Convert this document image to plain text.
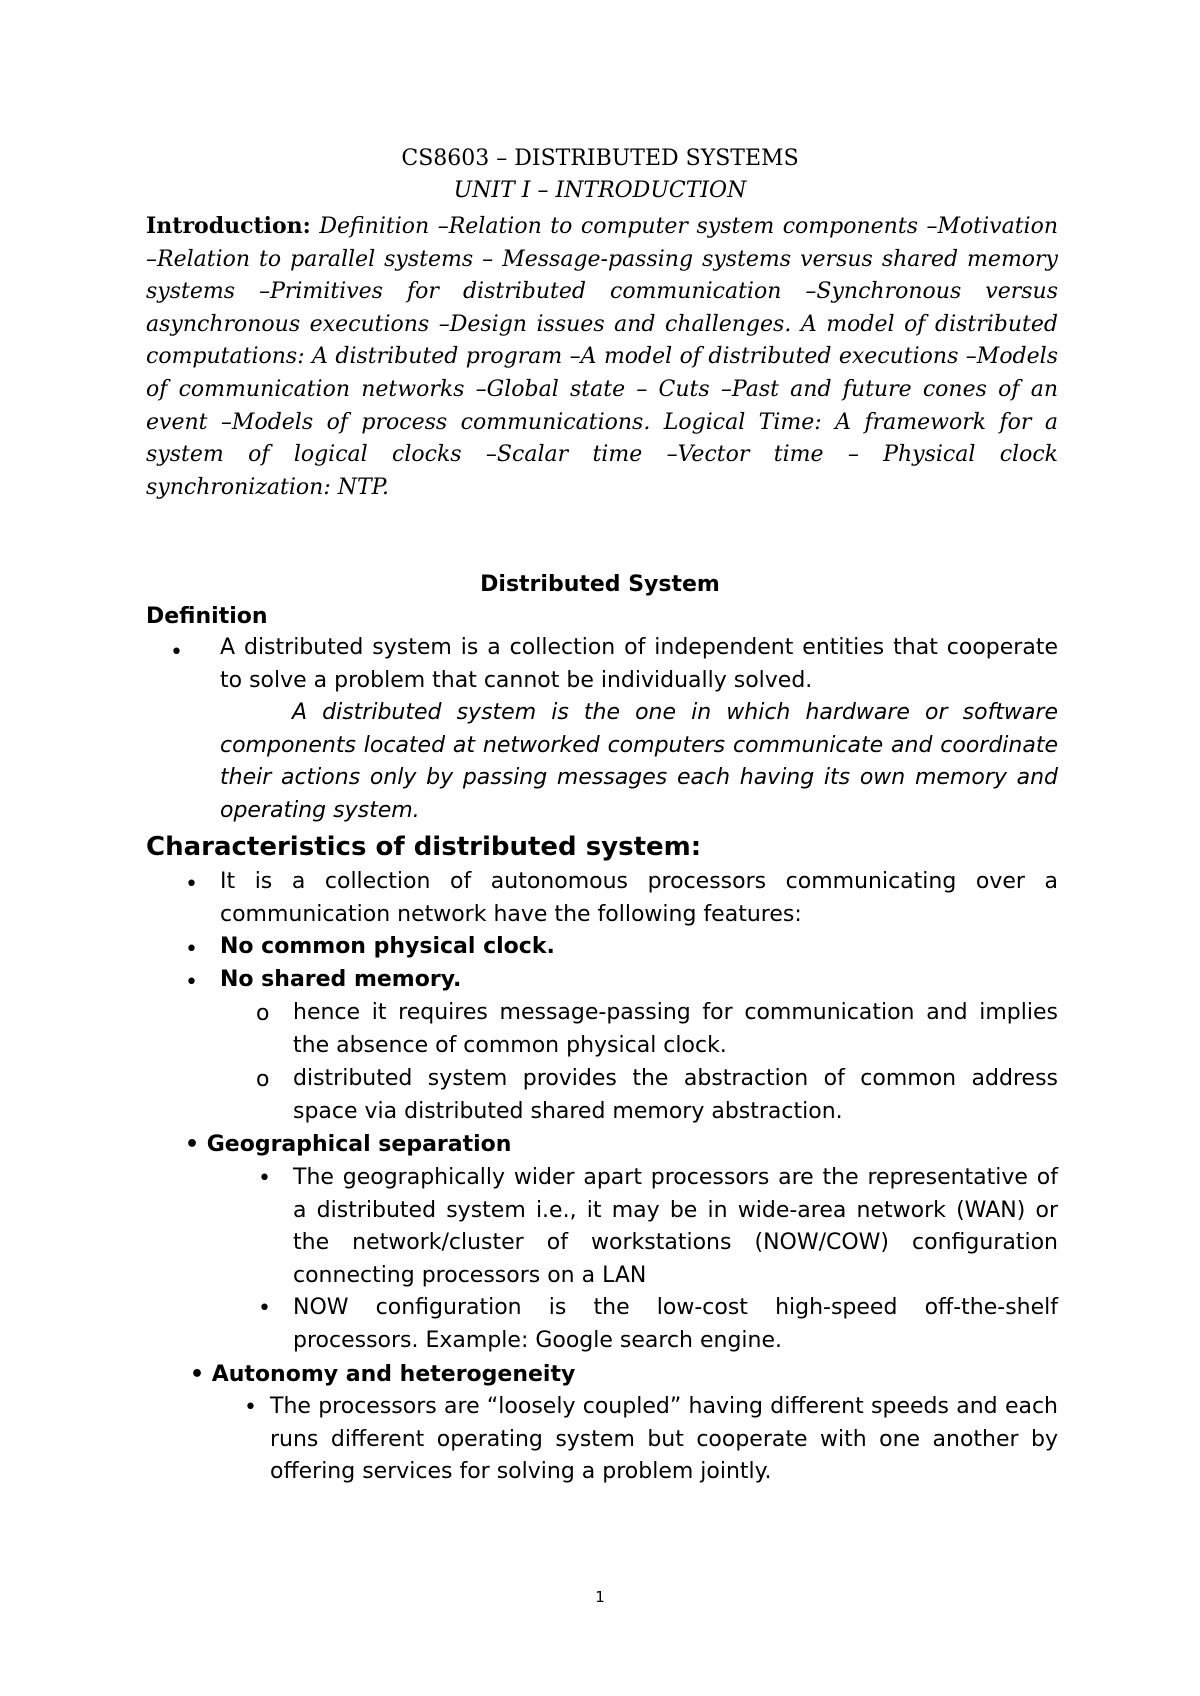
CS8603 – DISTRIBUTED SYSTEMS
UNIT I – INTRODUCTION
Introduction: Definition –Relation to computer system components –Motivation –Relation to parallel systems – Message-passing systems versus shared memory systems –Primitives for distributed communication –Synchronous versus asynchronous executions –Design issues and challenges. A model of distributed computations: A distributed program –A model of distributed executions –Models of communication networks –Global state – Cuts –Past and future cones of an event –Models of process communications. Logical Time: A framework for a system of logical clocks –Scalar time –Vector time – Physical clock synchronization: NTP.
Distributed System
Definition
• A distributed system is a collection of independent entities that cooperate to solve a problem that cannot be individually solved.
A distributed system is the one in which hardware or software components located at networked computers communicate and coordinate their actions only by passing messages each having its own memory and operating system.
Characteristics of distributed system:
• It is a collection of autonomous processors communicating over a communication network have the following features:
• No common physical clock.
• No shared memory.
o hence it requires message-passing for communication and implies the absence of common physical clock.
o distributed system provides the abstraction of common address space via distributed shared memory abstraction.
• Geographical separation
• The geographically wider apart processors are the representative of a distributed system i.e., it may be in wide-area network (WAN) or the network/cluster of workstations (NOW/COW) configuration connecting processors on a LAN
• NOW configuration is the low-cost high-speed off-the-shelf processors. Example: Google search engine.
• Autonomy and heterogeneity
• The processors are “loosely coupled” having different speeds and each runs different operating system but cooperate with one another by offering services for solving a problem jointly.
1
